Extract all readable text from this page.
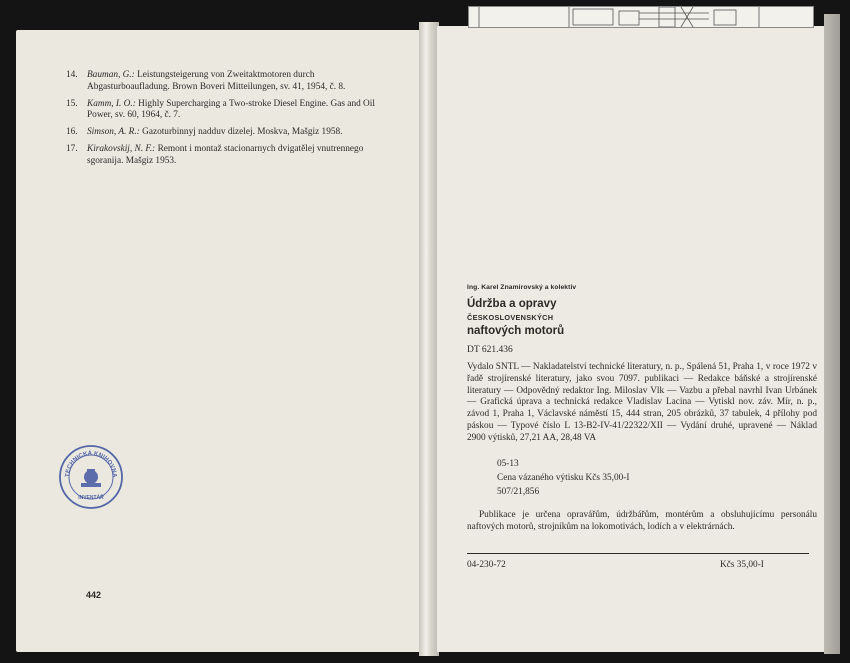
14.	Bauman, G.: Leistungsteigerung von Zweitaktmotoren durch Abgasturboaufladung. Brown Boveri Mitteilungen, sv. 41, 1954, č. 8.
15.	Kamm, I. O.: Highly Supercharging a Two-stroke Diesel Engine. Gas and Oil Power, sv. 60, 1964, č. 7.
16.	Simson, A. R.: Gazoturbinnyj nadduv dizelej. Moskva, Mašgiz 1958.
17.	Kirakovskij, N. F.: Remont i montaž stacionarnych dvigatělej vnutrennego sgoranija. Mašgiz 1953.
TECHNICKÁ KNIHOVNA
INVENTÁŘ
442
Ing. Karel Znamirovský a kolektiv
Údržba a opravy
ČESKOSLOVENSKÝCH
naftových motorů
DT 621.436
Vydalo SNTL — Nakladatelství technické literatury, n. p., Spálená 51, Praha 1, v roce 1972 v řadě strojírenské literatury, jako svou 7097. publikaci — Redakce báňské a strojírenské literatury — Odpovědný redaktor Ing. Miloslav Vlk — Vazbu a přebal navrhl Ivan Urbánek — Grafická úprava a technická redakce Vladislav Lacina — Vytiskl nov. záv. Mír, n. p., závod 1, Praha 1, Václavské náměstí 15, 444 stran, 205 obrázků, 37 tabulek, 4 přílohy pod páskou — Typové číslo L 13-B2-IV-41/22322/XII — Vydání druhé, upravené — Náklad 2900 výtisků, 27,21 AA, 28,48 VA
05-13
Cena vázaného výtisku Kčs 35,00-I
507/21,856
Publikace je určena opravářům, údržbářům, montérům a obsluhujícímu personálu naftových motorů, strojníkům na lokomotivách, lodích a v elektrárnách.
04-230-72	Kčs 35,00-I
